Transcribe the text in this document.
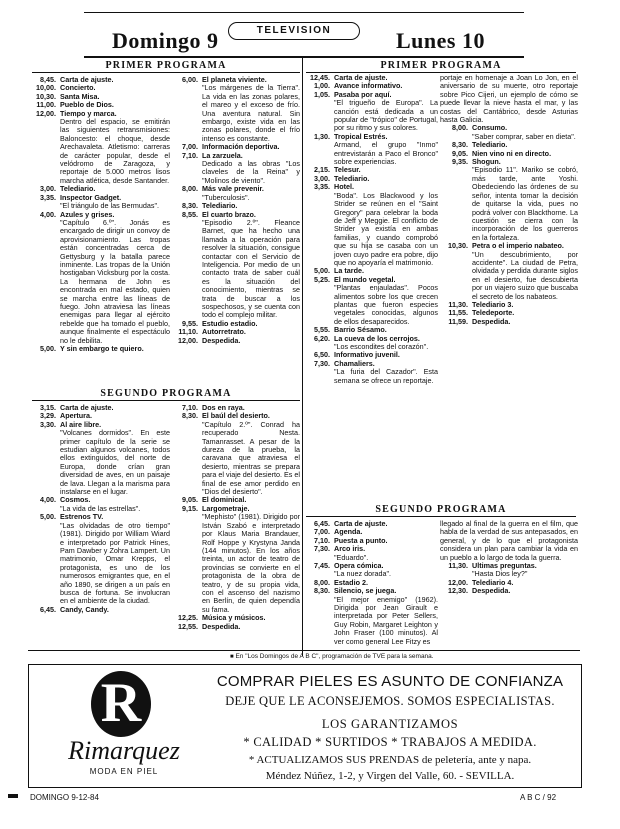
Domingo 9	TELEVISION	Lunes 10
PRIMER PROGRAMA
8,45. Carta de ajuste.
10,00. Concierto.
10,30. Santa Misa.
11,00. Pueblo de Dios.
12,00. Tiempo y marca.
Dentro del espacio, se emitirán las siguientes retransmisiones: Baloncesto: el choque, desde Arechavaleta. Atletismo: carreras de carácter popular, desde el velódromo de Zaragoza, y reportaje de 5.000 metros lisos marcha atlética, desde Santander.
3,00. Telediario.
3,35. Inspector Gadget.
"El triángulo de las Bermudas".
4,00. Azules y grises.
"Capítulo 6.º". Jonás es encargado de dirigir un convoy de aprovisionamiento. Las tropas están concentradas cerca de Gettysburg y la batalla parece inminente. Las tropas de la Unión hostigaban Vicksburg por la costa. La hermana de John es encontrada en mal estado, quien se marcha entre las líneas de fuego. John atraviesa las líneas enemigas para llegar al ejército rebelde que ha tomado el pueblo, aunque finalmente el espectáculo no le debilita.
5,00. Y sin embargo te quiero.
6,00. El planeta viviente.
"Los márgenes de la Tierra". La vida en las zonas polares, el mareo y el exceso de frío. Una aventura natural. Sin embargo, existe vida en las zonas polares, donde el frío intenso es constante.
7,00. Información deportiva.
7,10. La zarzuela.
Dedicado a las obras "Los claveles de la Reina" y "Molinos de viento".
8,00. Más vale prevenir.
"Tuberculosis".
8,30. Telediario.
8,55. El cuarto brazo.
"Episodio 2.º". Fleance Barnet, que ha hecho una llamada a la operación para resolver la situación, consigue contactar con el Servicio de Inteligencia. Por medio de un contacto trata de saber cuál es la situación del conocimiento, mientras se trata de buscar a los sospechosos, y se cuenta con todo el complejo militar.
9,55. Estudio estadio.
11,10. Autorretrato.
12,00. Despedida.
SEGUNDO PROGRAMA
3,15. Carta de ajuste.
3,29. Apertura.
3,30. Al aire libre.
"Volcanes dormidos". En este primer capítulo de la serie se estudian algunos volcanes, todos ellos extinguidos, del norte de Europa, donde crían gran diversidad de aves, en un paisaje de lava. Llegan a la marisma para instalarse en el lugar.
4,00. Cosmos.
"La vida de las estrellas".
5,00. Estrenos TV.
"Las olvidadas de otro tiempo" (1981). Dirigido por William Wiard e interpretado por Patrick Hines, Pam Dawber y Zohra Lampert. Un matrimonio, Omar Krepps, el protagonista, es uno de los numerosos emigrantes que, en el año 1890, se dirigen a un país en busca de fortuna. Se involucran en el ambiente de la ciudad.
6,45. Candy, Candy.
7,10. Dos en raya.
8,30. El baúl del desierto.
"Capítulo 2.º". Conrad ha recuperado Nesta. Tamanrasset. A pesar de la dureza de la prueba, la caravana que atraviesa el desierto, mientras se prepara para el viaje del desierto. Es el final de ese amor perdido en "Dios del desierto".
9,05. El dominical.
9,15. Largometraje.
"Mephisto" (1981). Dirigido por István Szabó e interpretado por Klaus Maria Brandauer, Rolf Hoppe y Krystyna Janda (144 minutos). En los años treinta, un actor de teatro de provincias se convierte en el protagonista de la obra de teatro, y de su propia vida, con el ascenso del nazismo en Berlín, de quien dependía su fama.
12,25. Música y músicos.
12,55. Despedida.
PRIMER PROGRAMA
12,45. Carta de ajuste.
1,00. Avance informativo.
1,05. Pasaba por aquí.
"El trigueño de Europa". La canción está dedicada a un popular de "trópico" de Portugal, por su ritmo y sus colores.
1,30. Tropical Estrés.
Armand, el grupo "Inmo" entrevistarán a Paco el Bronco" sobre experiencias.
2,15. Telesur.
3,00. Telediario.
3,35. Hotel.
"Boda". Los Blackwood y los Strider se reúnen en el "Saint Gregory" para celebrar la boda de Jeff y Meggie. El conflicto de Strider ya existía en ambas familias, y cuando comprobó que su hija se casaba con un joven cuyo padre era pobre, dijo que no apoyaría el matrimonio.
5,00. La tarde.
5,25. El mundo vegetal.
"Plantas enjauladas". Pocos alimentos sobre los que crecen plantas que fueron especies vegetales conocidas, algunos de ellos desaparecidos.
5,55. Barrio Sésamo.
6,20. La cueva de los cerrojos.
"Los escondites del corazón".
6,50. Informativo juvenil.
7,30. Chamaliers.
"La furia del Cazador". Esta semana se ofrece un reportaje.
portaje en homenaje a Joan Lo Jon, en el aniversario de su muerte, otro reportaje sobre Pico Cijeri, un ejemplo de cómo se puede llevar la nieve hasta el mar, y las costas del Cantábrico, desde Asturias hasta Galicia.
8,00. Consumo.
"Saber comprar, saber en dieta".
8,30. Telediario.
9,05. Nien vino ni en directo.
9,35. Shogun.
"Episodio 11". Mariko se cobró, más tarde, ante Yoshi. Obedeciendo las órdenes de su señor, intenta tomar la decisión de quitarse la vida, pues no podrá volver con Blackthorne. La cuestión se cierra con la incorporación de los guerreros en la fortaleza.
10,30. Petra o el imperio nabateo.
"Un descubrimiento, por accidente". La ciudad de Petra, olvidada y perdida durante siglos en el desierto, fue descubierta por un viajero suizo que buscaba el secreto de los nabateos.
11,30. Telediario 3.
11,55. Teledeporte.
11,59. Despedida.
SEGUNDO PROGRAMA
6,45. Carta de ajuste.
7,00. Agenda.
7,10. Puesta a punto.
7,30. Arco iris.
"Eduardo".
7,45. Opera cómica.
"La nuez dorada".
8,00. Estadio 2.
8,30. Silencio, se juega.
"El mejor enemigo" (1962). Dirigida por Jean Girault e interpretada por Peter Sellers, Guy Robin, Margaret Leighton y John Fraser (100 minutos). Al ver como general Lee Fitzy es
llegado al final de la guerra en el film, que habla de la verdad de sus antepasados, en general, y de lo que el protagonista considera un plan para cambiar la vida en un pueblo a lo largo de toda la guerra.
11,30. Ultimas preguntas.
"Hasta Dios ley?"
12,00. Telediario 4.
12,30. Despedida.
■ En "Los Domingos de A B C", programación de TVE para la semana.
R
Rimarquez
MODA EN PIEL
COMPRAR PIELES ES ASUNTO DE CONFIANZA
DEJE QUE LE ACONSEJEMOS. SOMOS ESPECIALISTAS.
LOS GARANTIZAMOS
* CALIDAD * SURTIDOS * TRABAJOS A MEDIDA.
* ACTUALIZAMOS SUS PRENDAS de peletería, ante y napa.
Méndez Núñez, 1-2, y Virgen del Valle, 60. - SEVILLA.
DOMINGO 9-12-84	A B C / 92
